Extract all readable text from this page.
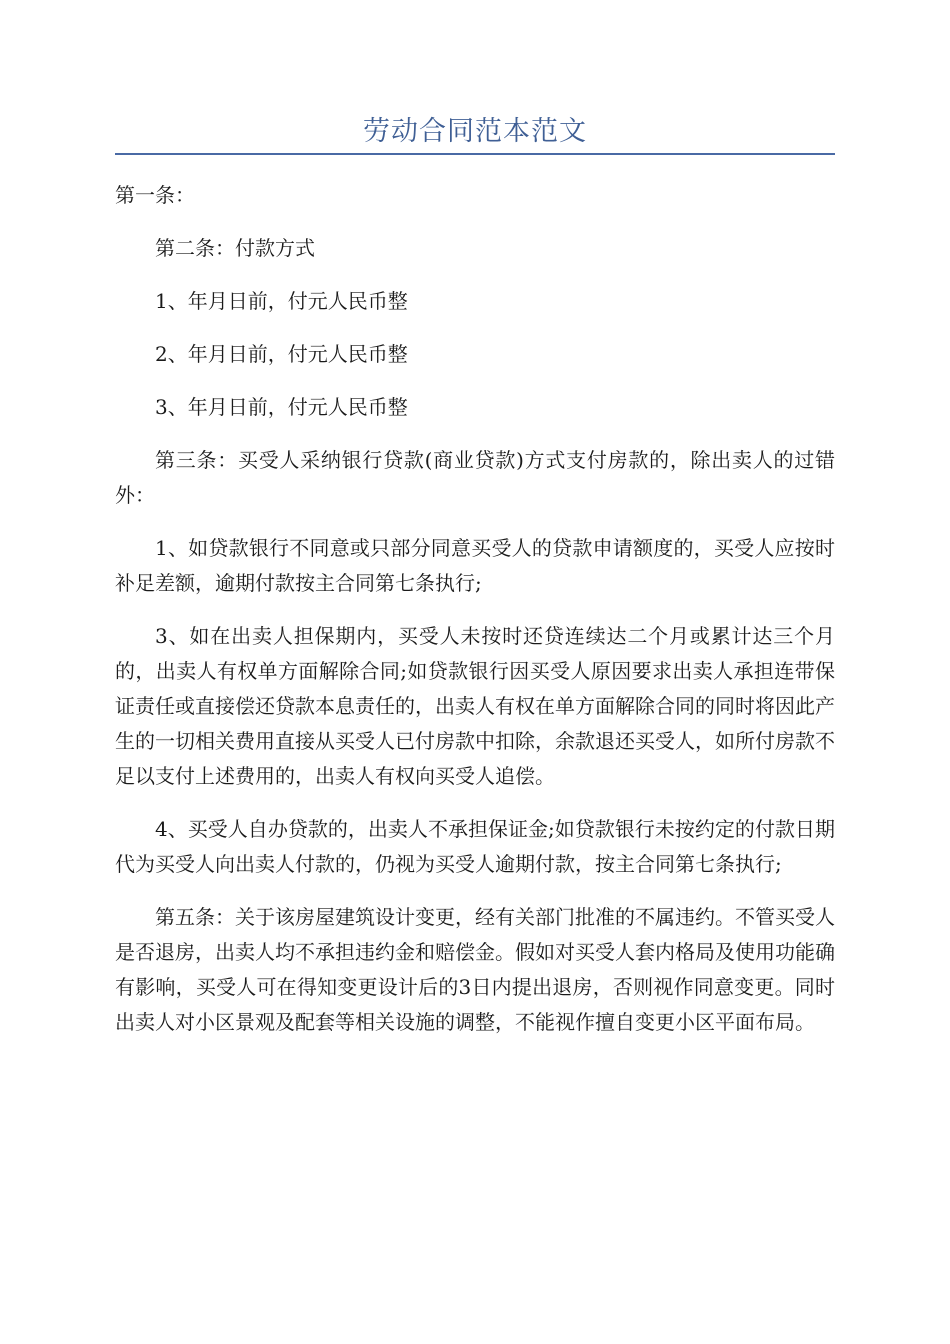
劳动合同范本范文

第一条：

第二条：付款方式

1、年月日前，付元人民币整

2、年月日前，付元人民币整

3、年月日前，付元人民币整

第三条：买受人采纳银行贷款(商业贷款)方式支付房款的，除出卖人的过错外：

1、如贷款银行不同意或只部分同意买受人的贷款申请额度的，买受人应按时补足差额，逾期付款按主合同第七条执行;

3、如在出卖人担保期内，买受人未按时还贷连续达二个月或累计达三个月的，出卖人有权单方面解除合同;如贷款银行因买受人原因要求出卖人承担连带保证责任或直接偿还贷款本息责任的，出卖人有权在单方面解除合同的同时将因此产生的一切相关费用直接从买受人已付房款中扣除，余款退还买受人，如所付房款不足以支付上述费用的，出卖人有权向买受人追偿。

4、买受人自办贷款的，出卖人不承担保证金;如贷款银行未按约定的付款日期代为买受人向出卖人付款的，仍视为买受人逾期付款，按主合同第七条执行;

第五条：关于该房屋建筑设计变更，经有关部门批准的不属违约。不管买受人是否退房，出卖人均不承担违约金和赔偿金。假如对买受人套内格局及使用功能确有影响，买受人可在得知变更设计后的3日内提出退房，否则视作同意变更。同时出卖人对小区景观及配套等相关设施的调整，不能视作擅自变更小区平面布局。
